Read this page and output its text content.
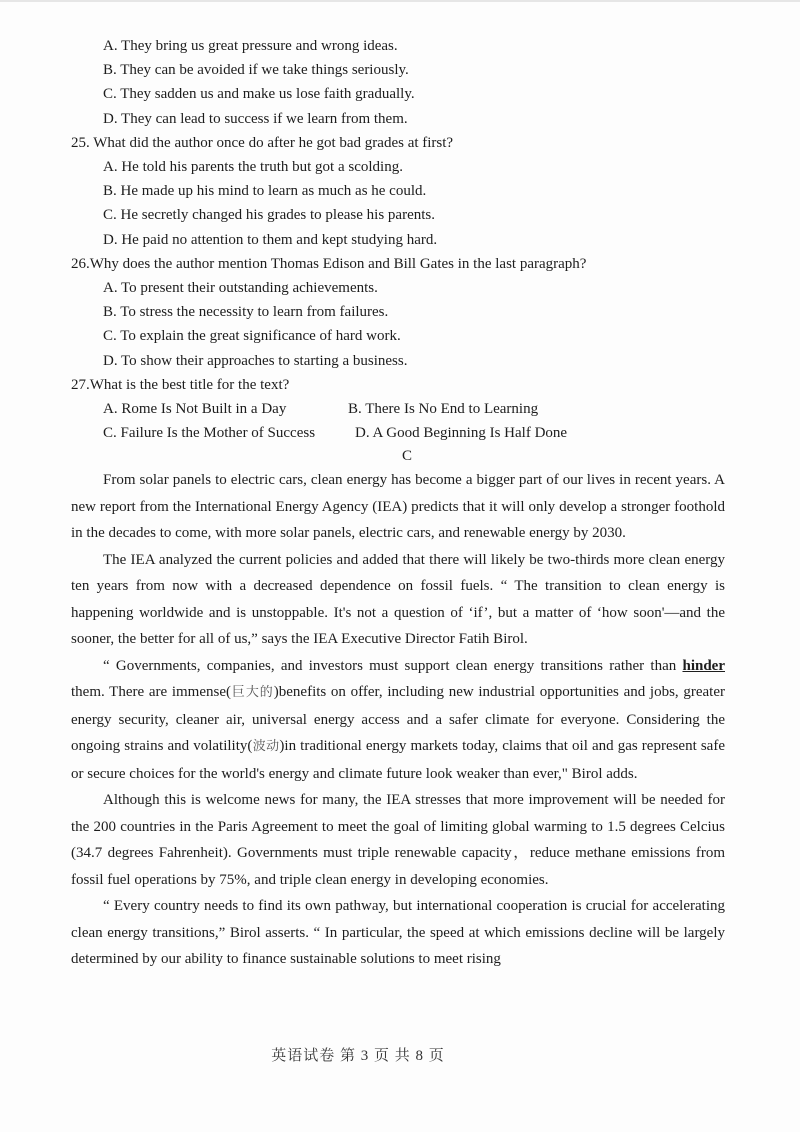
A. They bring us great pressure and wrong ideas.
B. They can be avoided if we take things seriously.
C. They sadden us and make us lose faith gradually.
D. They can lead to success if we learn from them.
25. What did the author once do after he got bad grades at first?
A. He told his parents the truth but got a scolding.
B. He made up his mind to learn as much as he could.
C. He secretly changed his grades to please his parents.
D. He paid no attention to them and kept studying hard.
26.Why does the author mention Thomas Edison and Bill Gates in the last paragraph?
A. To present their outstanding achievements.
B. To stress the necessity to learn from failures.
C. To explain the great significance of hard work.
D. To show their approaches to starting a business.
27.What is the best title for the text?
A. Rome Is Not Built in a Day	B. There Is No End to Learning
C. Failure Is the Mother of Success	D. A Good Beginning Is Half Done
C

From solar panels to electric cars, clean energy has become a bigger part of our lives in recent years. A new report from the International Energy Agency (IEA) predicts that it will only develop a stronger foothold in the decades to come, with more solar panels, electric cars, and renewable energy by 2030.

The IEA analyzed the current policies and added that there will likely be two-thirds more clean energy ten years from now with a decreased dependence on fossil fuels. “ The transition to clean energy is happening worldwide and is unstoppable. It's not a question of ‘if’, but a matter of ‘how soon'—and the sooner, the better for all of us,” says the IEA Executive Director Fatih Birol.

“ Governments, companies, and investors must support clean energy transitions rather than hinder them. There are immense(巨大的)benefits on offer, including new industrial opportunities and jobs, greater energy security, cleaner air, universal energy access and a safer climate for everyone. Considering the ongoing strains and volatility(波动)in traditional energy markets today, claims that oil and gas represent safe or secure choices for the world's energy and climate future look weaker than ever," Birol adds.

Although this is welcome news for many, the IEA stresses that more improvement will be needed for the 200 countries in the Paris Agreement to meet the goal of limiting global warming to 1.5 degrees Celcius (34.7 degrees Fahrenheit). Governments must triple renewable capacity，reduce methane emissions from fossil fuel operations by 75%, and triple clean energy in developing economies.

“ Every country needs to find its own pathway, but international cooperation is crucial for accelerating clean energy transitions,” Birol asserts. “ In particular, the speed at which emissions decline will be largely determined by our ability to finance sustainable solutions to meet rising

英语试卷 第 3 页 共 8 页
